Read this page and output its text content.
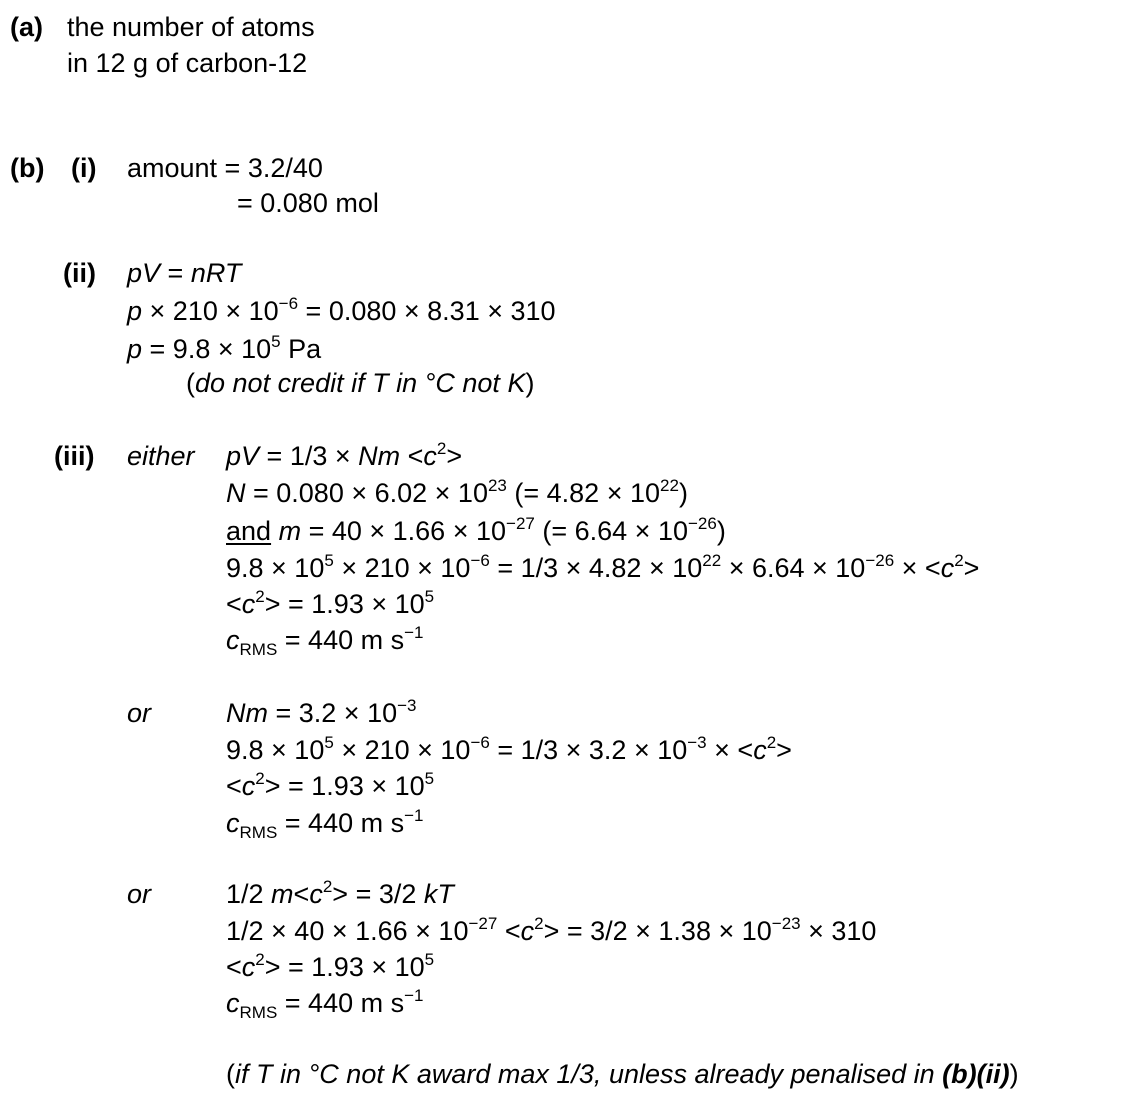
(a) the number of atoms
in 12 g of carbon-12
(b) (i) amount = 3.2/40
= 0.080 mol
(ii) pV = nRT
$p \times 210 \times 10^{-6} = 0.080 \times 8.31 \times 310$
$p = 9.8 \times 10^5$ Pa
(do not credit if T in °C not K)
(iii) either pV = $1/3 \times Nm <c^2>$
$N = 0.080 \times 6.02 \times 10^{23}$ (= $4.82 \times 10^{22}$)
and $m = 40 \times 1.66 \times 10^{-27}$ (= $6.64 \times 10^{-26}$)
$9.8 \times 10^5 \times 210 \times 10^{-6} = 1/3 \times 4.82 \times 10^{22} \times 6.64 \times 10^{-26} \times <c^2>$
$<c^2> = 1.93 \times 10^5$
$c_{RMS} = 440$ m $s^{-1}$
or	$Nm = 3.2 \times 10^{-3}$
$9.8 \times 10^5 \times 210 \times 10^{-6} = 1/3 \times 3.2 \times 10^{-3} \times <c^2>$
$<c^2> = 1.93 \times 10^5$
$c_{RMS} = 440$ m $s^{-1}$
or	1/2 $m<c^2> = 3/2$ kT
$1/2 \times 40 \times 1.66 \times 10^{-27} <c^2> = 3/2 \times 1.38 \times 10^{-23} \times 310$
$<c^2> = 1.93 \times 10^5$
$c_{RMS} = 440$ m $s^{-1}$
(if T in °C not K award max 1/3, unless already penalised in (b)(ii))
